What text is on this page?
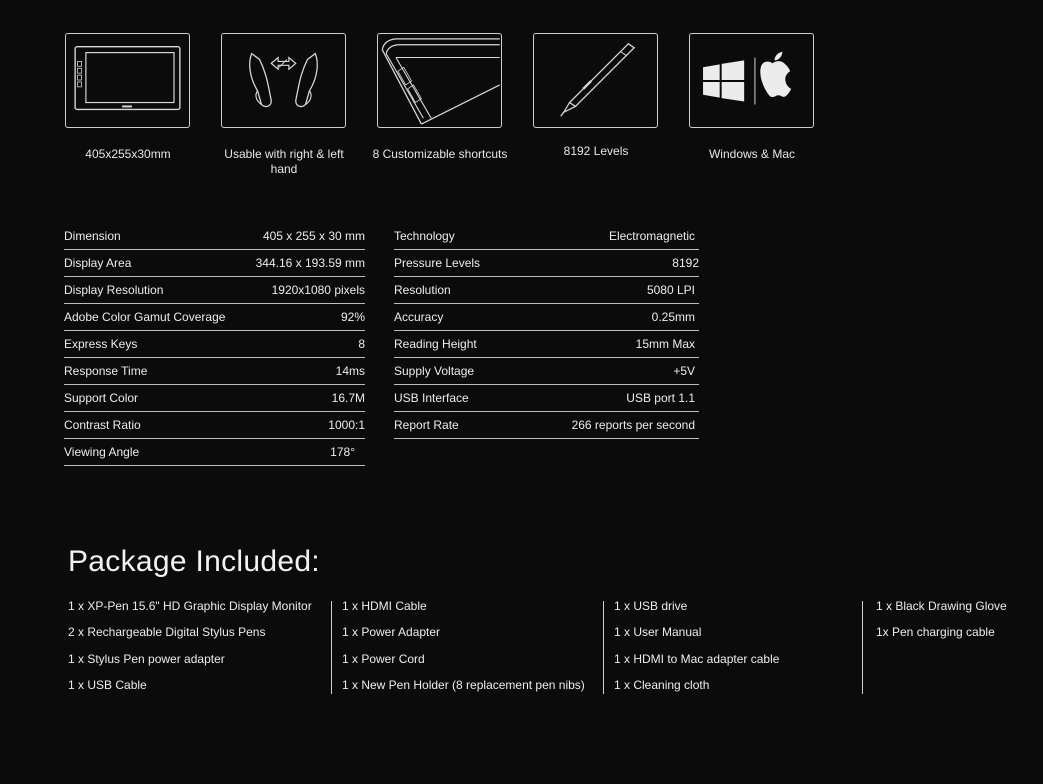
405x255x30mm	Usable with right & left hand
8 Customizable shortcuts	8192 Levels	Windows & Mac
Dimension	405 x 255 x 30 mm
Display Area	344.16 x 193.59 mm
Display Resolution	1920x1080 pixels
Adobe Color Gamut Coverage	92%
Express Keys	8
Response Time	14ms
Support Color	16.7M
Contrast Ratio	1000:1
Viewing Angle	178°
Technology	Electromagnetic
Pressure Levels	8192
Resolution	5080 LPI
Accuracy	0.25mm
Reading Height	15mm Max
Supply Voltage	+5V
USB Interface	USB port 1.1
Report Rate	266 reports per second
Package Included:
1 x XP-Pen 15.6" HD Graphic Display Monitor
2 x Rechargeable Digital Stylus Pens
1 x Stylus Pen power adapter
1 x USB Cable
1 x HDMI Cable
1 x Power Adapter
1 x Power Cord
1 x New Pen Holder (8 replacement pen nibs)
1 x USB drive
1 x User Manual
1 x HDMI to Mac adapter cable
1 x Cleaning cloth
1 x Black Drawing Glove
1x Pen charging cable
